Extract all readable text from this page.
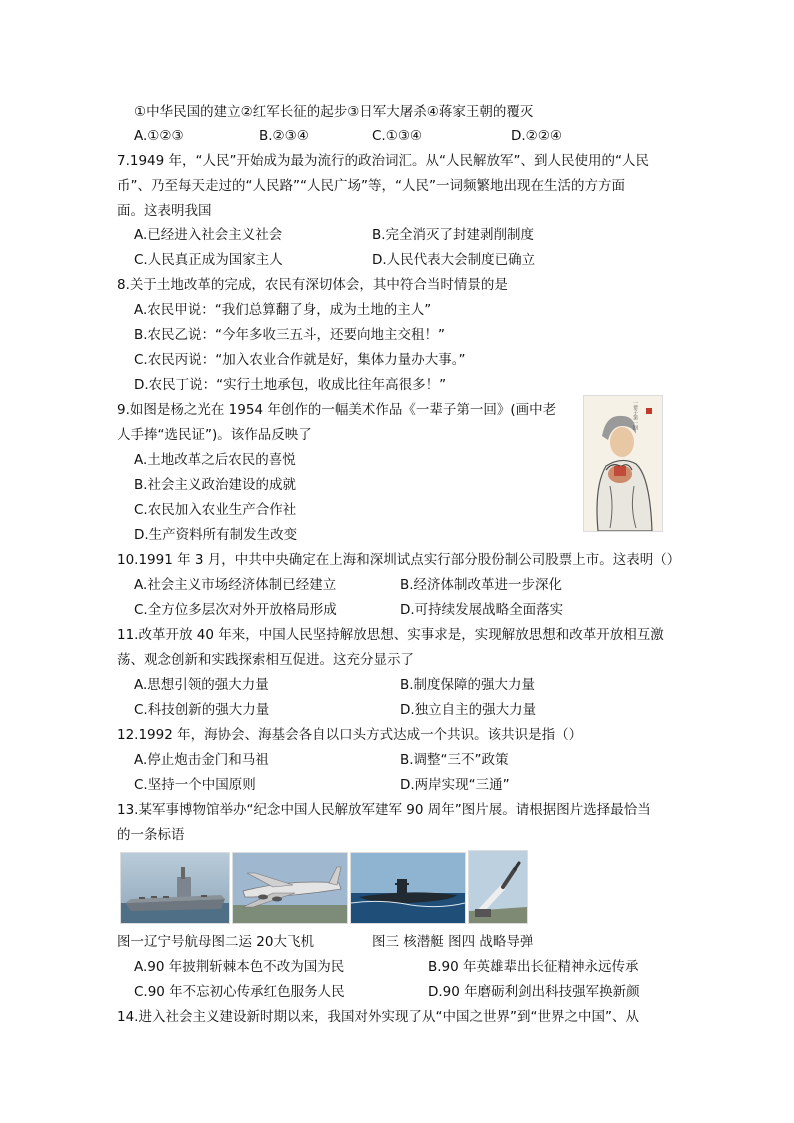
①中华民国的建立②红军长征的起步③日军大屠杀④蒋家王朝的覆灭
A.①②③	B.②③④	C.①③④	D.②②④
7.1949 年，“人民”开始成为最为流行的政治词汇。从“人民解放军”、到人民使用的“人民
币”、乃至每天走过的“人民路”“人民广场”等，“人民”一词频繁地出现在生活的方方面
面。这表明我国
A.已经进入社会主义社会	B.完全消灭了封建剥削制度
C.人民真正成为国家主人	D.人民代表大会制度已确立
8.关于土地改革的完成，农民有深切体会，其中符合当时情景的是
A.农民甲说：“我们总算翻了身，成为土地的主人”
B.农民乙说：“今年多收三五斗，还要向地主交租！”
C.农民丙说：“加入农业合作就是好，集体力量办大事。”
D.农民丁说：“实行土地承包，收成比往年高很多！”
9.如图是杨之光在 1954 年创作的一幅美术作品《一辈子第一回》(画中老
人手捧“选民证”)。该作品反映了
A.土地改革之后农民的喜悦
B.社会主义政治建设的成就
C.农民加入农业生产合作社
D.生产资料所有制发生改变
一辈子第一回
10.1991 年 3 月，中共中央确定在上海和深圳试点实行部分股份制公司股票上市。这表明（）
A.社会主义市场经济体制已经建立	B.经济体制改革进一步深化
C.全方位多层次对外开放格局形成	D.可持续发展战略全面落实
11.改革开放 40 年来，中国人民坚持解放思想、实事求是，实现解放思想和改革开放相互激
荡、观念创新和实践探索相互促进。这充分显示了
A.思想引领的强大力量	B.制度保障的强大力量
C.科技创新的强大力量	D.独立自主的强大力量
12.1992 年，海协会、海基会各自以口头方式达成一个共识。该共识是指（）
A.停止炮击金门和马祖	B.调整“三不”政策
C.坚持一个中国原则	D.两岸实现“三通”
13.某军事博物馆举办“纪念中国人民解放军建军 90 周年”图片展。请根据图片选择最恰当
的一条标语
图一辽宁号航母图二运 20大飞机	图三 核潜艇 图四 战略导弹
A.90 年披荆斩棘本色不改为国为民	B.90 年英雄辈出长征精神永远传承
C.90 年不忘初心传承红色服务人民	D.90 年磨砺利剑出科技强军换新颜
14.进入社会主义建设新时期以来，我国对外实现了从“中国之世界”到“世界之中国”、从
